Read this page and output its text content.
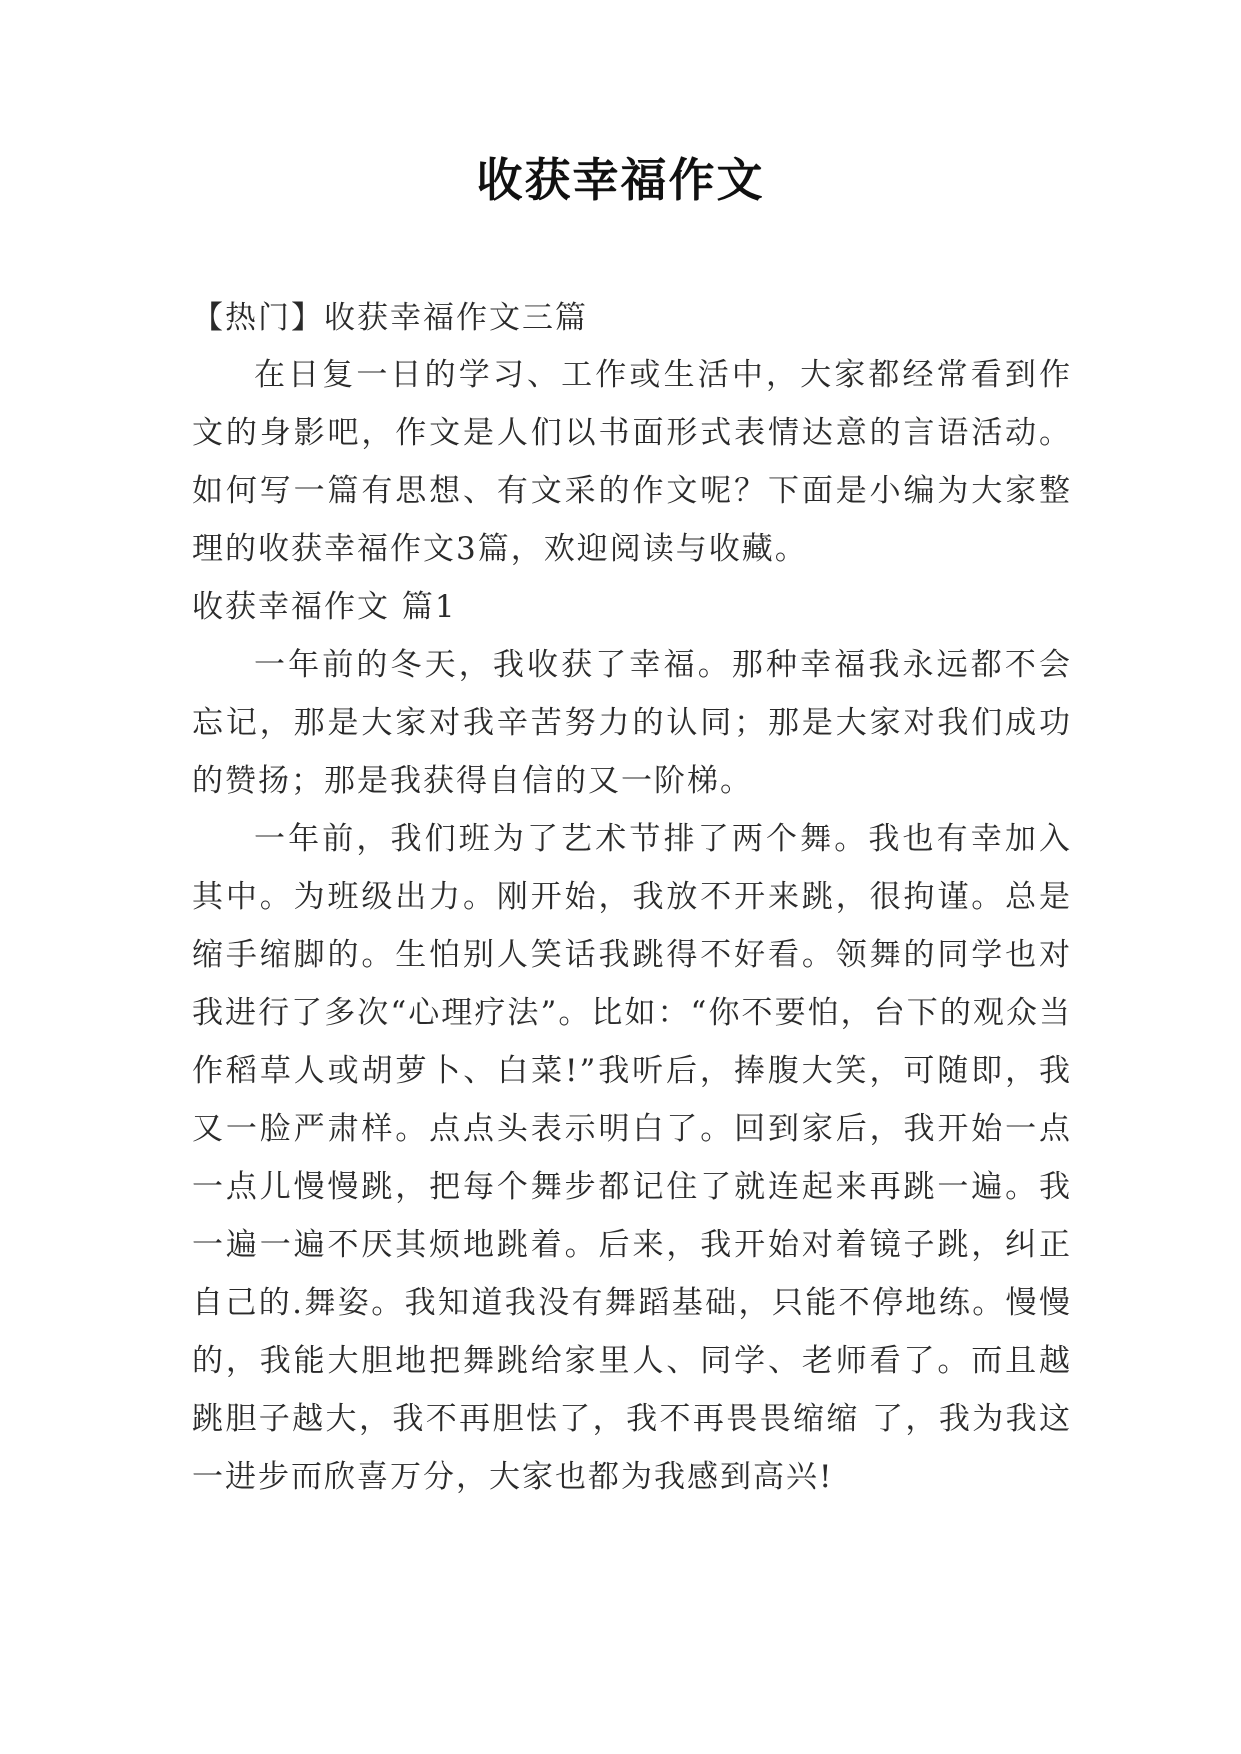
收获幸福作文
【热门】收获幸福作文三篇

在日复一日的学习、工作或生活中，大家都经常看到作文的身影吧，作文是人们以书面形式表情达意的言语活动。如何写一篇有思想、有文采的作文呢？下面是小编为大家整理的收获幸福作文3篇，欢迎阅读与收藏。

收获幸福作文 篇1

一年前的冬天，我收获了幸福。那种幸福我永远都不会忘记，那是大家对我辛苦努力的认同；那是大家对我们成功的赞扬；那是我获得自信的又一阶梯。

一年前，我们班为了艺术节排了两个舞。我也有幸加入其中。为班级出力。刚开始，我放不开来跳，很拘谨。总是缩手缩脚的。生怕别人笑话我跳得不好看。领舞的同学也对我进行了多次“心理疗法”。比如：“你不要怕，台下的观众当作稻草人或胡萝卜、白菜!”我听后，捧腹大笑，可随即，我又一脸严肃样。点点头表示明白了。回到家后，我开始一点一点儿慢慢跳，把每个舞步都记住了就连起来再跳一遍。我一遍一遍不厌其烦地跳着。后来，我开始对着镜子跳，纠正自己的.舞姿。我知道我没有舞蹈基础，只能不停地练。慢慢的，我能大胆地把舞跳给家里人、同学、老师看了。而且越跳胆子越大，我不再胆怯了，我不再畏畏缩缩 了，我为我这一进步而欣喜万分，大家也都为我感到高兴!
